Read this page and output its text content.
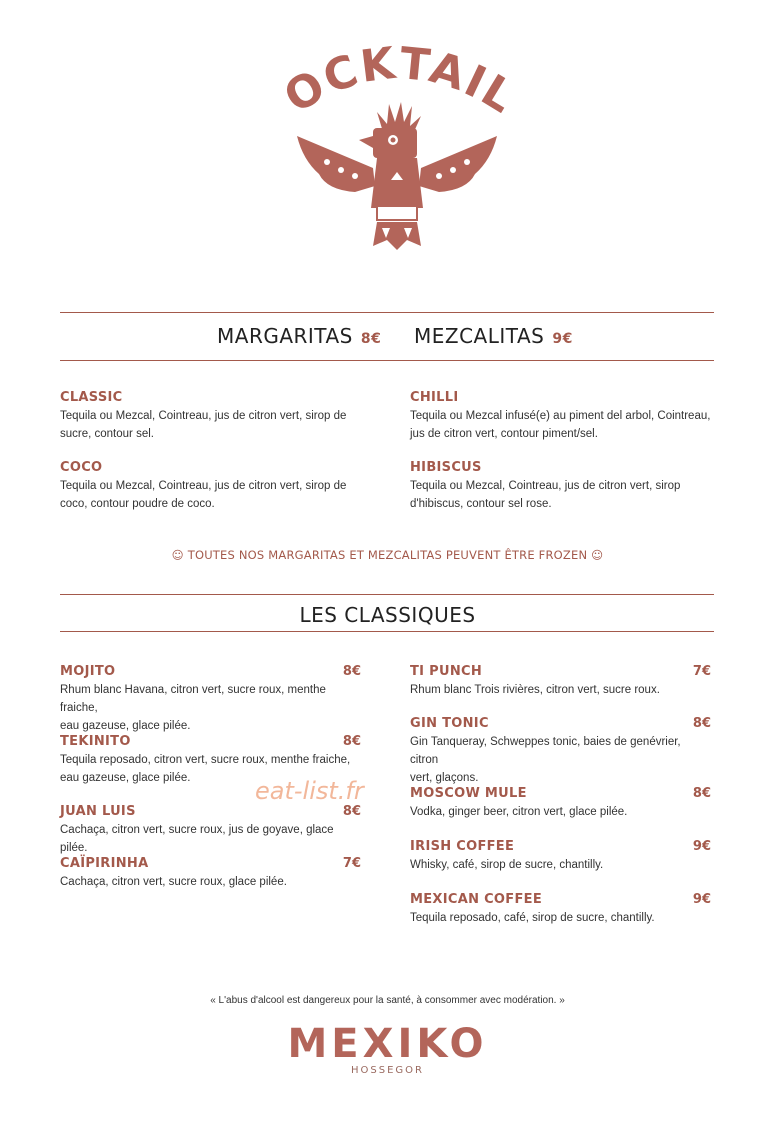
OCKTAIL
MARGARITAS 8€ MEZCALITAS 9€
CLASSIC
Tequila ou Mezcal, Cointreau, jus de citron vert, sirop de
sucre, contour sel.
COCO
Tequila ou Mezcal, Cointreau, jus de citron vert, sirop de
coco, contour poudre de coco.
CHILLI
Tequila ou Mezcal infusé(e) au piment del arbol, Cointreau,
jus de citron vert, contour piment/sel.
HIBISCUS
Tequila ou Mezcal, Cointreau, jus de citron vert, sirop
d'hibiscus, contour sel rose.
☺ TOUTES NOS MARGARITAS ET MEZCALITAS PEUVENT ÊTRE FROZEN ☺
LES CLASSIQUES
MOJITO	8€
Rhum blanc Havana, citron vert, sucre roux, menthe fraiche,
eau gazeuse, glace pilée.
TEKINITO	8€
Tequila reposado, citron vert, sucre roux, menthe fraiche,
eau gazeuse, glace pilée.
JUAN LUIS	8€
Cachaça, citron vert, sucre roux, jus de goyave, glace pilée.
CAÏPIRINHA	7€
Cachaça, citron vert, sucre roux, glace pilée.
TI PUNCH	7€
Rhum blanc Trois rivières, citron vert, sucre roux.
GIN TONIC	8€
Gin Tanqueray, Schweppes tonic, baies de genévrier, citron
vert, glaçons.
MOSCOW MULE	8€
Vodka, ginger beer, citron vert, glace pilée.
IRISH COFFEE	9€
Whisky, café, sirop de sucre, chantilly.
MEXICAN COFFEE	9€
Tequila reposado, café, sirop de sucre, chantilly.
eat-list.fr
« L'abus d'alcool est dangereux pour la santé, à consommer avec modération. »
MEXIKO
HOSSEGOR
